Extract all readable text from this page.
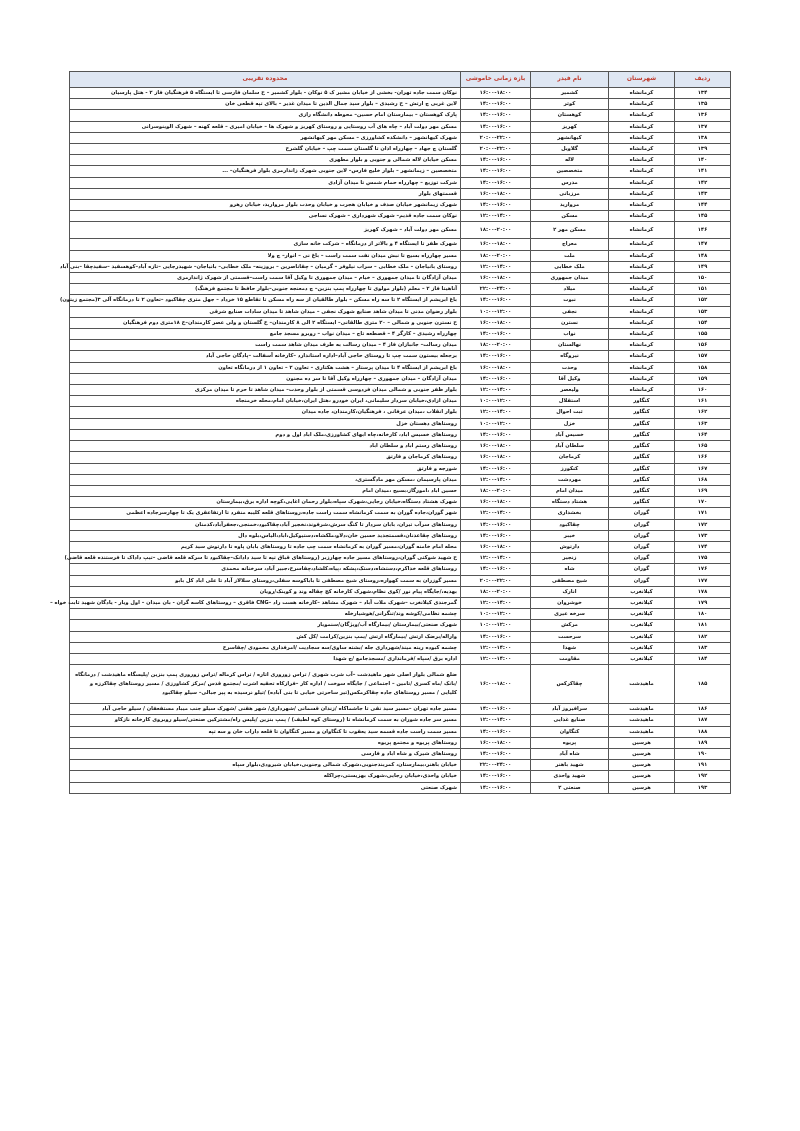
ردیف	شهرستان	نام فیدر	بازه زمانی خاموشی	محدوده تقریبی
۱۳۴	کرمانشاه	کشمیر	۱۶:۰۰-۱۸:۰۰	نوکان سمت جاده تهران- بخشی از خیابان مشیر ک ۵ نوکان - بلوار کشمیر – خ سلمان فارسی تا ایستگاه ۵ فرهنگیان فاز ۲ - هتل پارسیان
۱۳۵	کرمانشاه	کوثر	۱۴:۰۰-۱۶:۰۰	لاین غربی چ ارتش – خ رشیدی – بلوار سید جمال الدین تا میدان غدیر – بالای تپه قطعی خان
۱۳۶	کرمانشاه	کوهستان	۱۴:۰۰-۱۶:۰۰	پارک کوهستان – بیمارستان امام حسین– محوطه دانشگاه رازی
۱۳۷	کرمانشاه	کهریز	۱۴:۰۰-۱۶:۰۰	مسکن مهر دولت آباد – چاه های آب روستایی و روستای کهریز و شهرک ها – خیابان امیری – قلعه کهنه – شهرک الوینوسرانی
۱۳۸	کرمانشاه	کیهانشهر	۲۰:۰۰-۲۲:۰۰	شهرک کیهانشهر – دانشکده کشاورزی – مسکن مهر کیهانشهر
۱۳۹	کرمانشاه	گلاویل	۲۰:۰۰-۲۲:۰۰	گلستان چ جهاد – چهارراه اذان تا گلستان سمت چپ – خیابان گلشرخ
۱۴۰	کرمانشاه	لاله	۱۴:۰۰-۱۶:۰۰	مسکن خیابان لاله شمالی و جنوبی و بلوار مطهری
۱۴۱	کرمانشاه	متخصصین	۱۴:۰۰-۱۶:۰۰	متخصصین – زیمانشهر – بلوار خلیج فارس– لاین جنوبی شهرک زاندارمری بلوار فرهنگیان– ...
۱۴۲	کرمانشاه	مدرس	۱۴:۰۰-۱۶:۰۰	شرکت توزیع – چهارراه حمام شمس تا میدان آزادی
۱۴۳	کرمانشاه	مرزبانی	۱۶:۰۰-۱۸:۰۰	قسمتهای بلوار
۱۴۴	کرمانشاه	مروارید	۱۴:۰۰-۱۶:۰۰	شهرک زیمانشهر خیابان صدف و خیابان هجرت و خیابان وحدت بلوار مروارید، خیابان رهرو
۱۴۵	کرمانشاه	مسکن	۱۲:۰۰-۱۴:۰۰	نوکان سمت جاده قدیم– شهرک شهرداری – شهرک نساجی
۱۴۶	کرمانشاه	مسکن مهر ۲	۱۸:۰۰-۲۰:۰۰	مسکن مهر دولت آباد – شهرک کهریز
۱۴۷	کرمانشاه	معراج	۱۶:۰۰-۱۸:۰۰	شهرک ظفر تا ایستگاه ۴ و بالاتر از درمانگاه – شرکت خانه سازی
۱۴۸	کرمانشاه	ملت	۱۸:۰۰-۲۰:۰۰	مسیر چهارراه بسیج تا نبش میدان نفت سمت راست – باغ نی – انوار– چ ولا
۱۴۹	کرمانشاه	ملک خطابی	۱۲:۰۰-۱۴:۰۰	روستای بانیاجان – ملک خطابی – سراب نیلوفر – گرمیان – چقاناصرین – بروزینه– ملک خطابی– بانیاجان– شهیدرجایی –تازه آباد–کوهسفید –سفیدچقا –بنی آباد
۱۵۰	کرمانشاه	میدان جمهوری	۱۶:۰۰-۱۸:۰۰	میدان آزادگان تا میدان جمهوری – خیام – میدان جمهوری تا وکیل آقا سمت راست–قسمتی از شهرک ژاندارمری
۱۵۱	کرمانشاه	میلاد	۲۲:۰۰-۲۴:۰۰	آناهیتا فاز ۲ – معلم (بلوار مولوی تا چهارراه پمپ بنزین– چ دمعنجه جنوبی–بلوار حافظ تا مجتمع فرهنگ)
۱۵۲	کرمانشاه	نبوت	۱۴:۰۰-۱۶:۰۰	باغ ابریشم از ایستگاه ۲ تا سه راه مسکن – بلوار طالقیان از سه راه مسکن تا تقاطع ۱۵ خرداد – جهل متری چقاکبود –تعاون ۲ تا درمانگاه آلی ۳(مجتمع زیتون)
۱۵۳	کرمانشاه	نجفی	۱۰:۰۰-۱۲:۰۰	بلوار رضوان مدنی تا میدان شاهد صنایع شهرک نجفی – میدان شاهد تا میدان سادات صنایع شرقی
۱۵۴	کرمانشاه	نسترن	۱۶:۰۰-۱۸:۰۰	خ نسترن جنوبی و شمالی – ۲۰ متری طالقانی– ایستگاه ۲ الی ۸ کارمندان– خ گلستان و ولی عصر کارمندان–خ ۱۸متری دوم فرهنگیان
۱۵۵	کرمانشاه	نواب	۱۴:۰۰-۱۶:۰۰	چهارراه رشیدی – کارگر ۴ – قصطعه تاج – میدان نواب – روبرو مسجد جامع
۱۵۶	کرمانشاه	نهالستان	۱۸:۰۰-۲۰:۰۰	میدان رسالت– جانبازان فاز ۴ – میدان رسالت به طرف میدان شاهد سمت راست
۱۵۷	کرمانشاه	نیروگاه	۱۴:۰۰-۱۶:۰۰	برجعله بیستون سمت چپ تا روستای حاجی آباد–اداره استاندارد –کارخانه آسفالت –پادگان حاجی آباد
۱۵۸	کرمانشاه	وحدت	۱۶:۰۰-۱۸:۰۰	باغ ابریشم از ایستگاه ۴ تا میدان پرستار – هشت هکتاری – تعاون ۲ – تعاون ۱ از درمانگاه تعاون
۱۵۹	کرمانشاه	وکیل آقا	۱۴:۰۰-۱۶:۰۰	میدان آزادگان – میدان جمهوری – چهارراه وکیل آقا تا سر ده مجنون
۱۶۰	کرمانشاه	ولیعصر	۱۲:۰۰-۱۴:۰۰	بلوار ظفر جنوبی و شمالی میدان فردوسی قسمتی از بلوار وحدت– میدان شاهد تا حرم تا میدان مرکزی
۱۶۱	کنگاور	استقلال	۱۰:۰۰-۱۲:۰۰	میدان ازادی،خیابان سردار سلیمانی، ایران خودرو ،هتل ایران،خیابان امام،محله خرمنجاه
۱۶۲	کنگاور	ثبت احوال	۱۲:۰۰-۱۴:۰۰	بلوار انقلاب ،میدان عرفانی ، فرهنگیان،کارمندان، جاده میدان
۱۶۳	کنگاور	خزل	۱۰:۰۰-۱۲:۰۰	روستاهای دهستان خزل
۱۶۴	کنگاور	خسیس آباد	۱۴:۰۰-۱۶:۰۰	روستاهای خسیس اباد، کارخانه،چاه ابهای کشاورزی،ملک اباد اول و دوم
۱۶۵	کنگاور	سلطان آباد	۱۶:۰۰-۱۸:۰۰	روستاهای رستم اباد و سلطان اباد
۱۶۶	کنگاور	کرماجان	۱۶:۰۰-۱۸:۰۰	روستاهای کرماجان و فارتق
۱۶۷	کنگاور	کنکورز	۱۴:۰۰-۱۶:۰۰	شورجه و فارتق
۱۶۸	کنگاور	مهردشت	۱۲:۰۰-۱۴:۰۰	میدان پارسیمان ،مسکن مهر مادگستری،
۱۶۹	کنگاور	میدان امام	۱۸:۰۰-۲۰:۰۰	حسین اباد ،امورگاز،بسیج ،میدان امام
۱۷۰	کنگاور	هشتاد دستگاه	۱۶:۰۰-۱۸:۰۰	شهرک هشتاد دستگاه،خیابان رجایی،شهرک سپاه،بلوار رحمان اغایی،کوچه اداره برق،بیمارستان
۱۷۱	گوران	بخشداری	۱۲:۰۰-۱۴:۰۰	شهر گوران،جاده گوران به سمت کرمانشاه سمت راست جاده،روستاهای قلعه کلیبه منفرد تا ارتفاعقری یک تا چهارسرجاده اعظمی
۱۷۲	گوران	چقاکبود	۱۴:۰۰-۱۶:۰۰	روستاهای سرآب تیران، بابان سردار تا کنگ سرش،شرفوند،نخجیر آباد،چقاکبود،خمنجی،جعفرآباد،کدمنان
۱۷۳	گوران	خیبر	۱۴:۰۰-۱۶:۰۰	روستاهای چقاعدنان،قسمتجدید حسین خان،دلاو،ملکشاه،دستیوکیل،اباد،الیاس،بلوه دال
۱۷۴	گوران	دارتوش	۱۶:۰۰-۱۸:۰۰	محله امام خامنه گوران،مسیر گوران به کرمانشاه سمت چپ جاده تا روستاهای بابان پاوه تا دارتوش سید کریم
۱۷۵	گوران	زنجیر	۱۲:۰۰-۱۴:۰۰	خ شهید شوکتی گوران،روستاهای مسیر جاده چهارزبر (روستاهای قباق تپه تا سید دادانک–چقاکبود تا سرکه قلعه قاضی –تیپ داداک تا فرستنده قلعه قاضی)
۱۷۶	گوران	شاه	۱۴:۰۰-۱۶:۰۰	روستاهای قلعه خداکرم،دستشاه،دستک،پشکه ،پیاه،کلشاد،چقاسرخ،جبیر آباد، سرخنانه محمدی
۱۷۷	گوران	شیخ مصطفی	۲۰:۰۰-۲۲:۰۰	مسیر گوزران به سمت کهواره،روستای شیخ مصطفی تا باباکوسه سفلی،روستای سلالاز آباد تا علی اباد کل بابو
۱۷۸	کیلانغرب	انارک	۱۸:۰۰-۲۰:۰۰	بهدیه،/جایگاه پیام نور /کوی نظام،شهرک کارخانه کچ چقاله وند و کوینک/رویان
۱۷۹	کیلانغرب	خوشروان	۱۲:۰۰-۱۴:۰۰	گمرجندی کیلانغرب –شهرک ملات آباد – شهرک مشاهد –کارخانه هست راد –CNG فاقری – روستاهای کاسه گران - بان میدان – اول ویار - یادگان شهید ثابت خواه –
۱۸۰	کیلانغرب	سرخه عیری	۱۰:۰۰-۱۲:۰۰	چشمه نظامی/کوشه وند/تنگرانی/هوشیارخله
۱۸۱	کیلانغرب	مرکش	۱۰:۰۰-۱۲:۰۰	شهرک صنعتی/بیمارستان /بیمارگاه آب/ویژگان/سنمویار
۱۸۲	کیلانغرب	سرحست	۱۴:۰۰-۱۶:۰۰	واراله/برضک ارتش /بیمارگاه ارتش /یمپ بنزین/کرامت /کل کش
۱۸۳	کیلانغرب	شهدا	۱۲:۰۰-۱۴:۰۰	چشمه کبوده رینه میند/شهرداری جله /بشته ساوی/سه سجادیت /امرفداری محمودی /چقاسرخ
۱۸۴	کیلانغرب	مقاومت	۱۲:۰۰-۱۴:۰۰	اداره برق /سپاه /فرمانداری /مسجدجامع /چ شهدا
۱۸۵	ماهیدشت	چقاکرکس	۱۶:۰۰-۱۸:۰۰	ضلع شمالی بلوار اصلی شهر ماهیدشت –آب شرب شهری / تراس زوروری اتاره / تراس کرماله /تراس زوروری پمپ بنزین /پلیسگاه ماهیدشت / درمانگاه /بانک /ماه کسری /تامین – اجتماعی / جایگاه سوخت / اداره کار –فرازکاه تحقیه اشرت /مجتمع قدس /مرکز کشاورزی / مسیر روستاهای چقاکرزه و کلیایی / مسیر روستاهای جاده چقاکرمکس(تیر ساحرتی خیابی تا بنی آباده) /تیلو نرسیده به پیر جبالی– سیلو چقاکبود
۱۸۶	ماهیدشت	سرافیروز آباد	۱۴:۰۰-۱۶:۰۰	مسیر جاده تهران –مسیر سید نقی تا جاشماکاه /زندان قسمانی /شهرداری/ شهر هقنی /شهرک سیلو جنب ميباد مستفعفان / سیلو حاجی آباد
۱۸۷	ماهیدشت	صنایع غذایی	۱۲:۰۰-۱۴:۰۰	مسیر سر جاده شوران به سمت کرمانشاه تا (روستای کوه لطیف) / پمپ بنزین /پلیس راه/مشترکین صنعتی/سیلو روبروی کارخانه نازکاو
۱۸۸	ماهیدشت	کنگاوان	۱۴:۰۰-۱۶:۰۰	مسیر سمت راست جاده قسمه سید یعقوب تا کنگاوان و مسیر کنگاوان تا قلعه داراب خان و سه تپه
۱۸۹	هرسین	پریوه	۱۶:۰۰-۱۸:۰۰	روستاهای پریوه و مجتمع پریوه
۱۹۰	هرسین	شاه آباد	۱۴:۰۰-۱۶:۰۰	روستاهای شیرک و شاه اباد و فارسی
۱۹۱	هرسین	شهید باهنر	۲۲:۰۰-۲۴:۰۰	خیابان باهنر،بیمارستان، کمربندجنوبی،شهرک شمالی وجنوبی،خیابان شیرودی،بلوار سپاه
۱۹۲	هرسین	شهید واحدی	۱۴:۰۰-۱۶:۰۰	خیابان واحدی،خیابان رجایی،شهرک بهزیستی،چراکله
۱۹۳	هرسین	صنعتی ۲	۱۴:۰۰-۱۶:۰۰	شهرک صنعتی
